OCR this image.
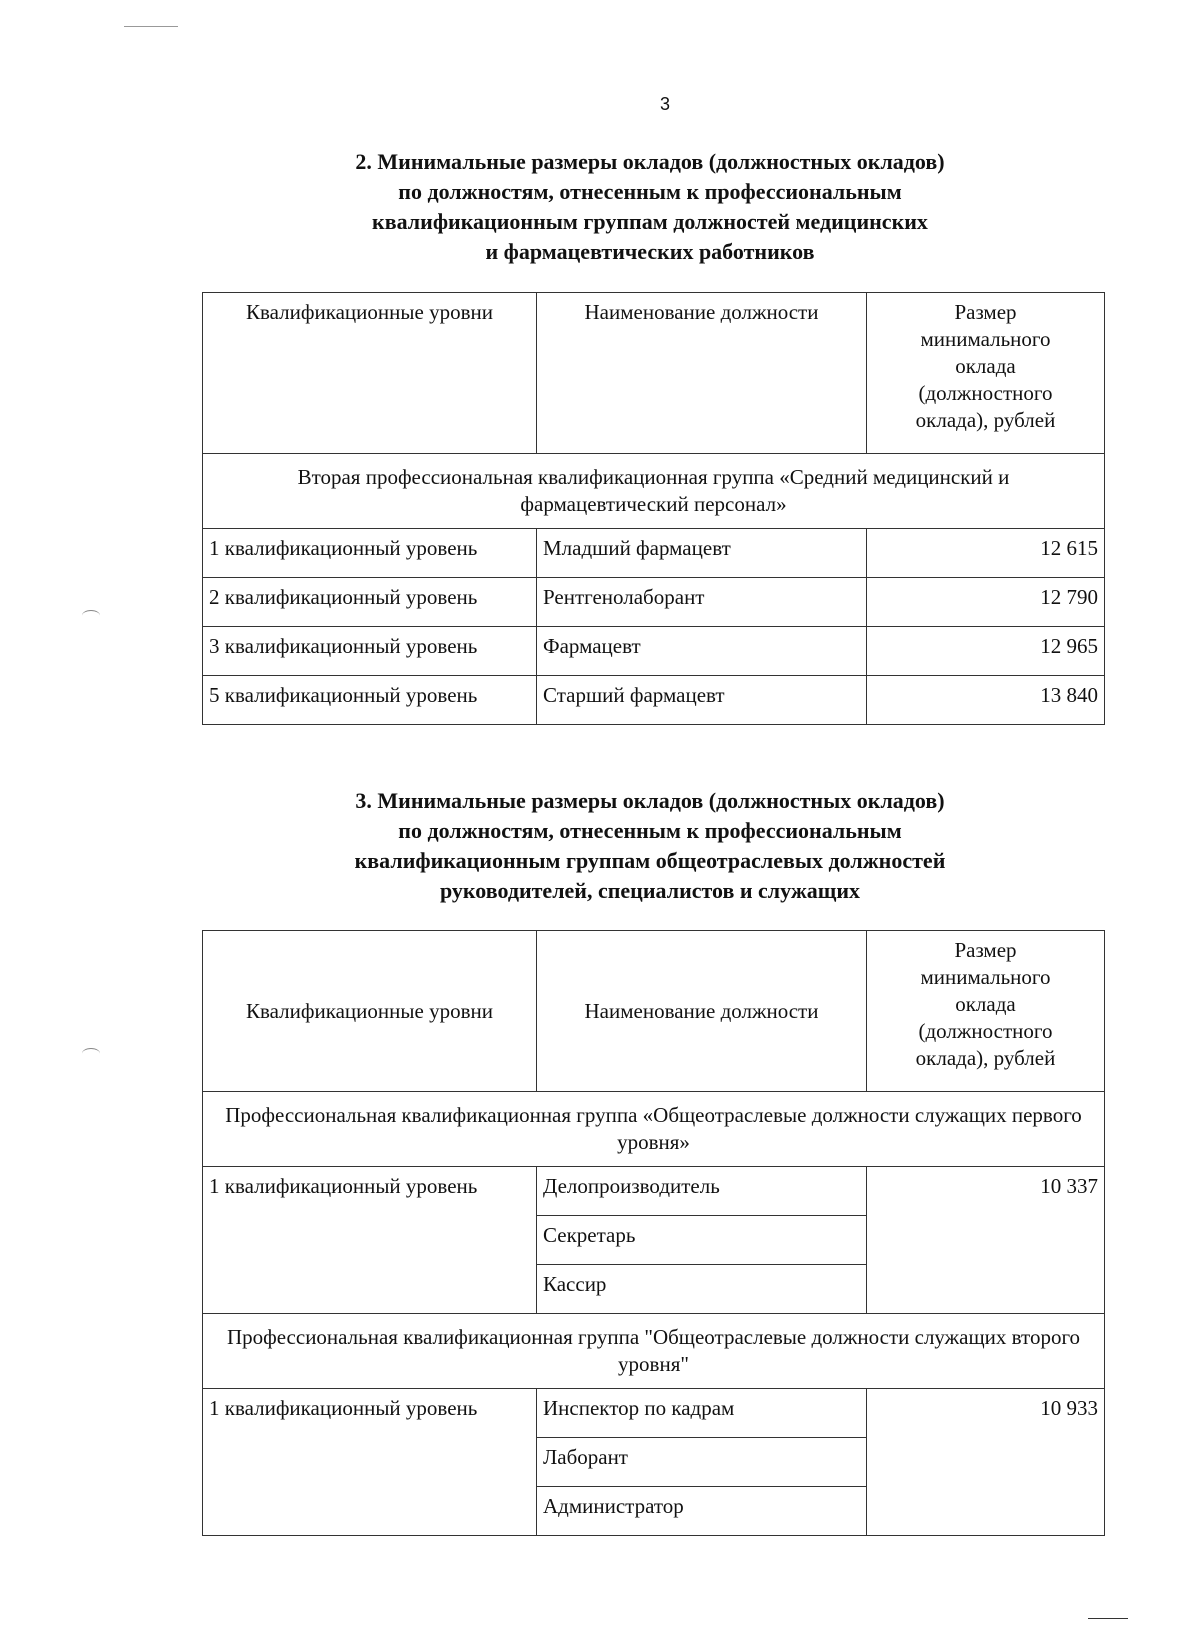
3
2. Минимальные размеры окладов (должностных окладов)
по должностям, отнесенным к профессиональным
квалификационным группам должностей медицинских
и фармацевтических работников
Квалификационные уровни	Наименование должности	Размер
минимального
оклада
(должностного
оклада), рублей

Вторая профессиональная квалификационная группа «Средний медицинский и фармацевтический персонал»		
1 квалификационный уровень	Младший фармацевт	12 615
2 квалификационный уровень	Рентгенолаборант	12 790
3 квалификационный уровень	Фармацевт	12 965
5 квалификационный уровень	Старший фармацевт	13 840
3. Минимальные размеры окладов (должностных окладов)
по должностям, отнесенным к профессиональным
квалификационным группам общеотраслевых должностей
руководителей, специалистов и служащих
Квалификационные уровни	Наименование должности	Размер
минимального
оклада
(должностного
оклада), рублей

Профессиональная квалификационная группа «Общеотраслевые должности служащих первого уровня»		
1 квалификационный уровень	Делопроизводитель	10 337
	Секретарь	
	Кассир	
Профессиональная квалификационная группа "Общеотраслевые должности служащих второго уровня"		
1 квалификационный уровень	Инспектор по кадрам	10 933
	Лаборант	
	Администратор	
